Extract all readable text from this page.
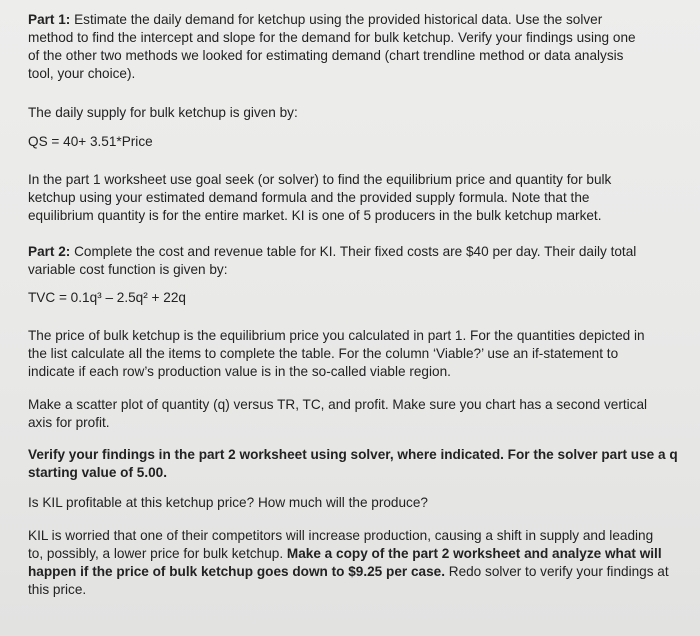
Part 1: Estimate the daily demand for ketchup using the provided historical data. Use the solver
method to find the intercept and slope for the demand for bulk ketchup. Verify your findings using one
of the other two methods we looked for estimating demand (chart trendline method or data analysis
tool, your choice).
The daily supply for bulk ketchup is given by:
QS = 40+ 3.51*Price
In the part 1 worksheet use goal seek (or solver) to find the equilibrium price and quantity for bulk
ketchup using your estimated demand formula and the provided supply formula. Note that the
equilibrium quantity is for the entire market. KI is one of 5 producers in the bulk ketchup market.
Part 2: Complete the cost and revenue table for KI. Their fixed costs are $40 per day. Their daily total
variable cost function is given by:
TVC = 0.1q³ – 2.5q² + 22q
The price of bulk ketchup is the equilibrium price you calculated in part 1. For the quantities depicted in
the list calculate all the items to complete the table. For the column ‘Viable?’ use an if-statement to
indicate if each row’s production value is in the so-called viable region.
Make a scatter plot of quantity (q) versus TR, TC, and profit. Make sure you chart has a second vertical
axis for profit.
Verify your findings in the part 2 worksheet using solver, where indicated. For the solver part use a q
starting value of 5.00.
Is KIL profitable at this ketchup price? How much will the produce?
KIL is worried that one of their competitors will increase production, causing a shift in supply and leading
to, possibly, a lower price for bulk ketchup. Make a copy of the part 2 worksheet and analyze what will
happen if the price of bulk ketchup goes down to $9.25 per case. Redo solver to verify your findings at
this price.
